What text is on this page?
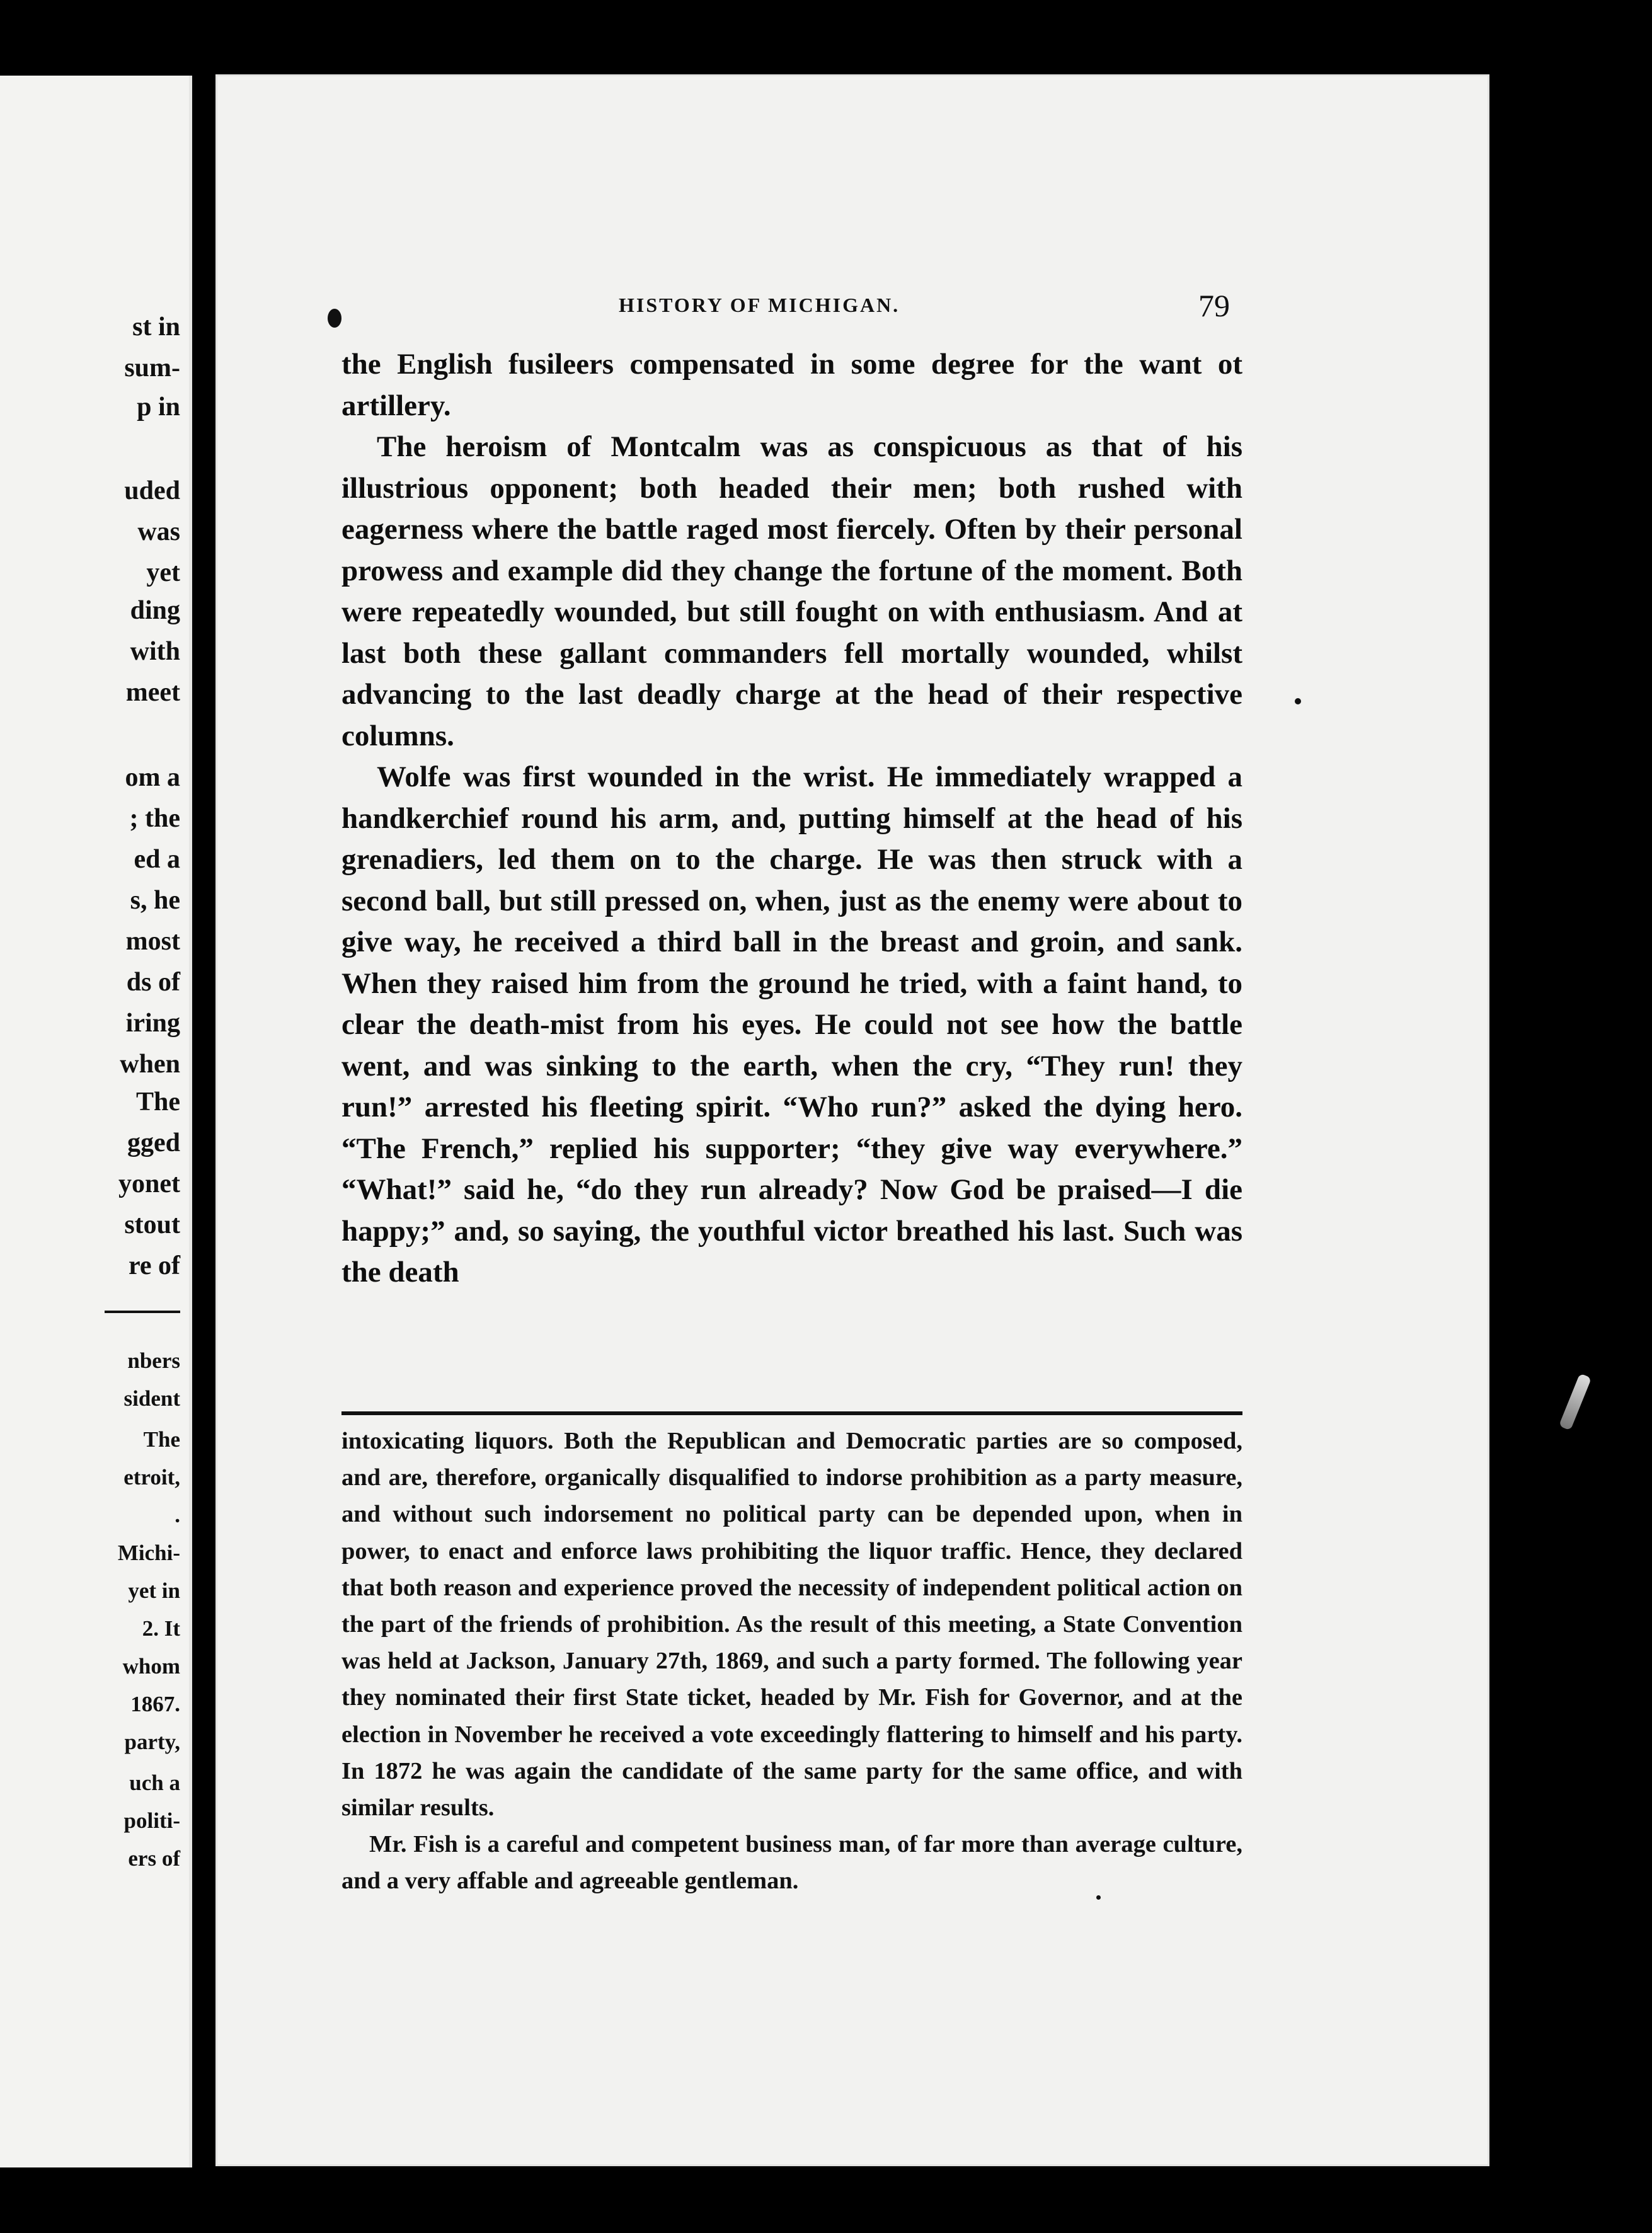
st in
sum-
p in
uded
was
yet
ding
with
meet
om a
; the
ed a
s, he
most
ds of
iring
when
The
gged
yonet
stout
re of
nbers
sident
The
etroit,
.
Michi-
yet in
2. It
whom
1867.
party,
uch a
politi-
ers of
HISTORY OF MICHIGAN.	79

the English fusileers compensated in some degree for the want ot artillery.

The heroism of Montcalm was as conspicuous as that of his illustrious opponent; both headed their men; both rushed with eagerness where the battle raged most fiercely. Often by their personal prowess and example did they change the fortune of the moment. Both were repeatedly wounded, but still fought on with enthusiasm. And at last both these gallant commanders fell mortally wounded, whilst advancing to the last deadly charge at the head of their respective columns.

Wolfe was first wounded in the wrist. He immediately wrapped a handkerchief round his arm, and, putting himself at the head of his grenadiers, led them on to the charge. He was then struck with a second ball, but still pressed on, when, just as the enemy were about to give way, he received a third ball in the breast and groin, and sank. When they raised him from the ground he tried, with a faint hand, to clear the death-mist from his eyes. He could not see how the battle went, and was sinking to the earth, when the cry, “They run! they run!” arrested his fleeting spirit. “Who run?” asked the dying hero. “The French,” replied his supporter; “they give way everywhere.” “What!” said he, “do they run already? Now God be praised—I die happy;” and, so saying, the youthful victor breathed his last. Such was the death

intoxicating liquors. Both the Republican and Democratic parties are so composed, and are, therefore, organically disqualified to indorse prohibition as a party measure, and without such indorsement no political party can be depended upon, when in power, to enact and enforce laws prohibiting the liquor traffic. Hence, they declared that both reason and experience proved the necessity of independent political action on the part of the friends of prohibition. As the result of this meeting, a State Convention was held at Jackson, January 27th, 1869, and such a party formed. The following year they nominated their first State ticket, headed by Mr. Fish for Governor, and at the election in November he received a vote exceedingly flattering to himself and his party. In 1872 he was again the candidate of the same party for the same office, and with similar results.

Mr. Fish is a careful and competent business man, of far more than average culture, and a very affable and agreeable gentleman.
